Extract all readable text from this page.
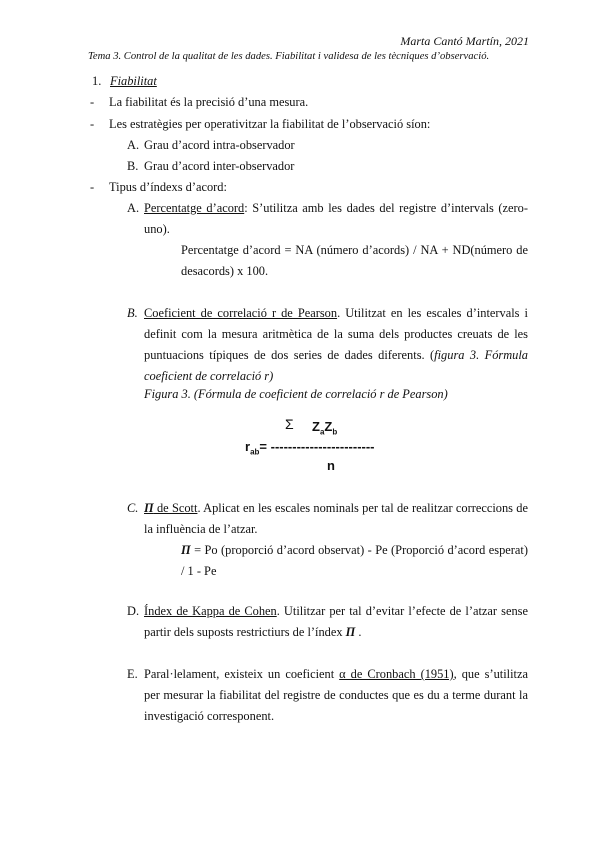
Marta Cantó Martín, 2021
Tema 3. Control de la qualitat de les dades. Fiabilitat i validesa de les tècniques d’observació.
1. Fiabilitat
- La fiabilitat és la precisió d’una mesura.
- Les estratègies per operativitzar la fiabilitat de l’observació síon:
A. Grau d’acord intra-observador
B. Grau d’acord inter-observador
- Tipus d’índexs d’acord:
A. Percentatge d’acord: S’utilitza amb les dades del registre d’intervals (zero-uno).
Percentatge d’acord = NA (número d’acords) / NA + ND(número de desacords) x 100.
B. Coeficient de correlació r de Pearson. Utilitzat en les escales d’intervals i definit com la mesura aritmètica de la suma dels productes creuats de les puntuacions típiques de dos series de dades diferents. (figura 3. Fórmula coeficient de correlació r)
Figura 3. (Fórmula de coeficient de correlació r de Pearson)
Σ $Z_aZ_b$
$r_{ab}=$ ------------------------
n
C. Π de Scott. Aplicat en les escales nominals per tal de realitzar correccions de la influència de l’atzar.
Π = Po (proporció d’acord observat) - Pe (Proporció d’acord esperat) / 1 - Pe
D. Índex de Kappa de Cohen. Utilitzar per tal d’evitar l’efecte de l’atzar sense partir dels suposts restrictiurs de l’índex Π .
E. Paral·lelament, existeix un coeficient α de Cronbach (1951), que s’utilitza per mesurar la fiabilitat del registre de conductes que es du a terme durant la investigació corresponent.
